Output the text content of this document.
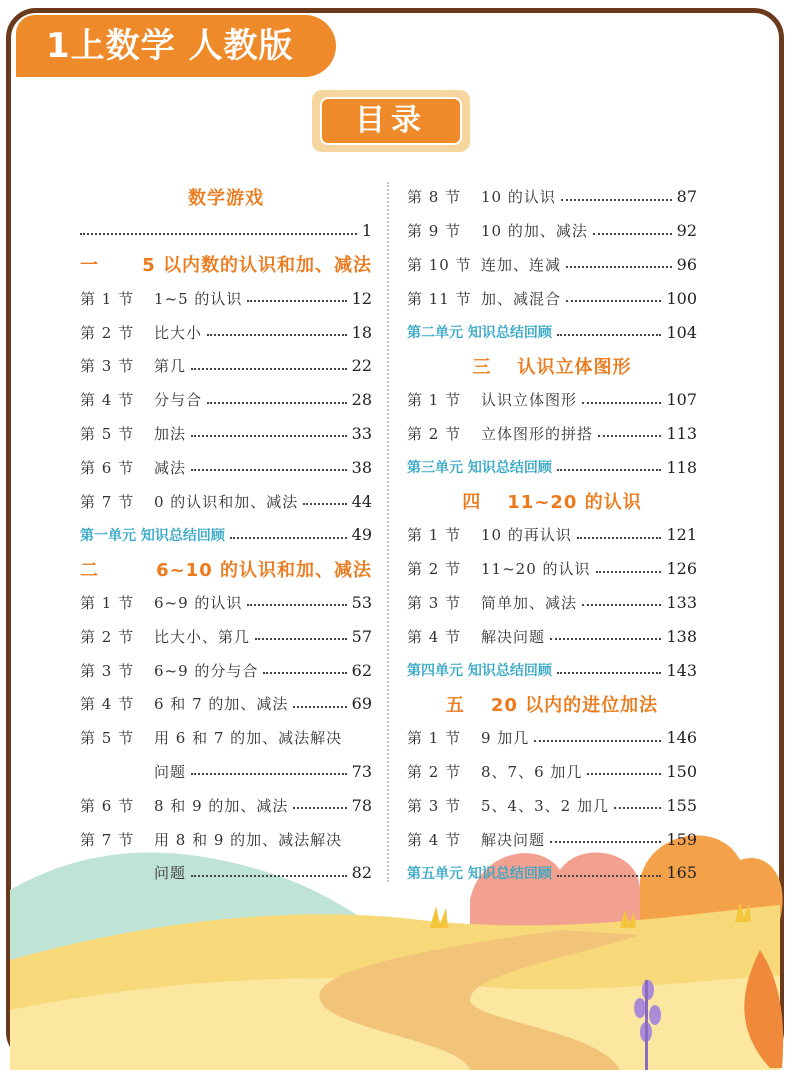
1上数学 人教版
目录
数学游戏
1
一 5 以内数的认识和加、减法
第 1 节	1~5 的认识	12
第 2 节	比大小	18
第 3 节	第几	22
第 4 节	分与合	28
第 5 节	加法	33
第 6 节	减法	38
第 7 节	0 的认识和加、减法	44
第一单元 知识总结回顾	49
二	6~10 的认识和加、减法
第 1 节	6~9 的认识	53
第 2 节	比大小、第几	57
第 3 节	6~9 的分与合	62
第 4 节	6 和 7 的加、减法	69
第 5 节	用 6 和 7 的加、减法解决
问题	73
第 6 节	8 和 9 的加、减法	78
第 7 节	用 8 和 9 的加、减法解决
问题	82
第 8 节	10 的认识	87
第 9 节	10 的加、减法	92
第 10 节 连加、连减	96
第 11 节 加、减混合	100
第二单元 知识总结回顾	104
三 认识立体图形
第 1 节	认识立体图形	107
第 2 节	立体图形的拼搭	113
第三单元 知识总结回顾	118
四 11~20 的认识
第 1 节	10 的再认识	121
第 2 节	11~20 的认识	126
第 3 节	简单加、减法	133
第 4 节	解决问题	138
第四单元 知识总结回顾	143
五 20 以内的进位加法
第 1 节	9 加几	146
第 2 节	8、7、6 加几	150
第 3 节	5、4、3、2 加几	155
第 4 节	解决问题	159
第五单元 知识总结回顾	165
